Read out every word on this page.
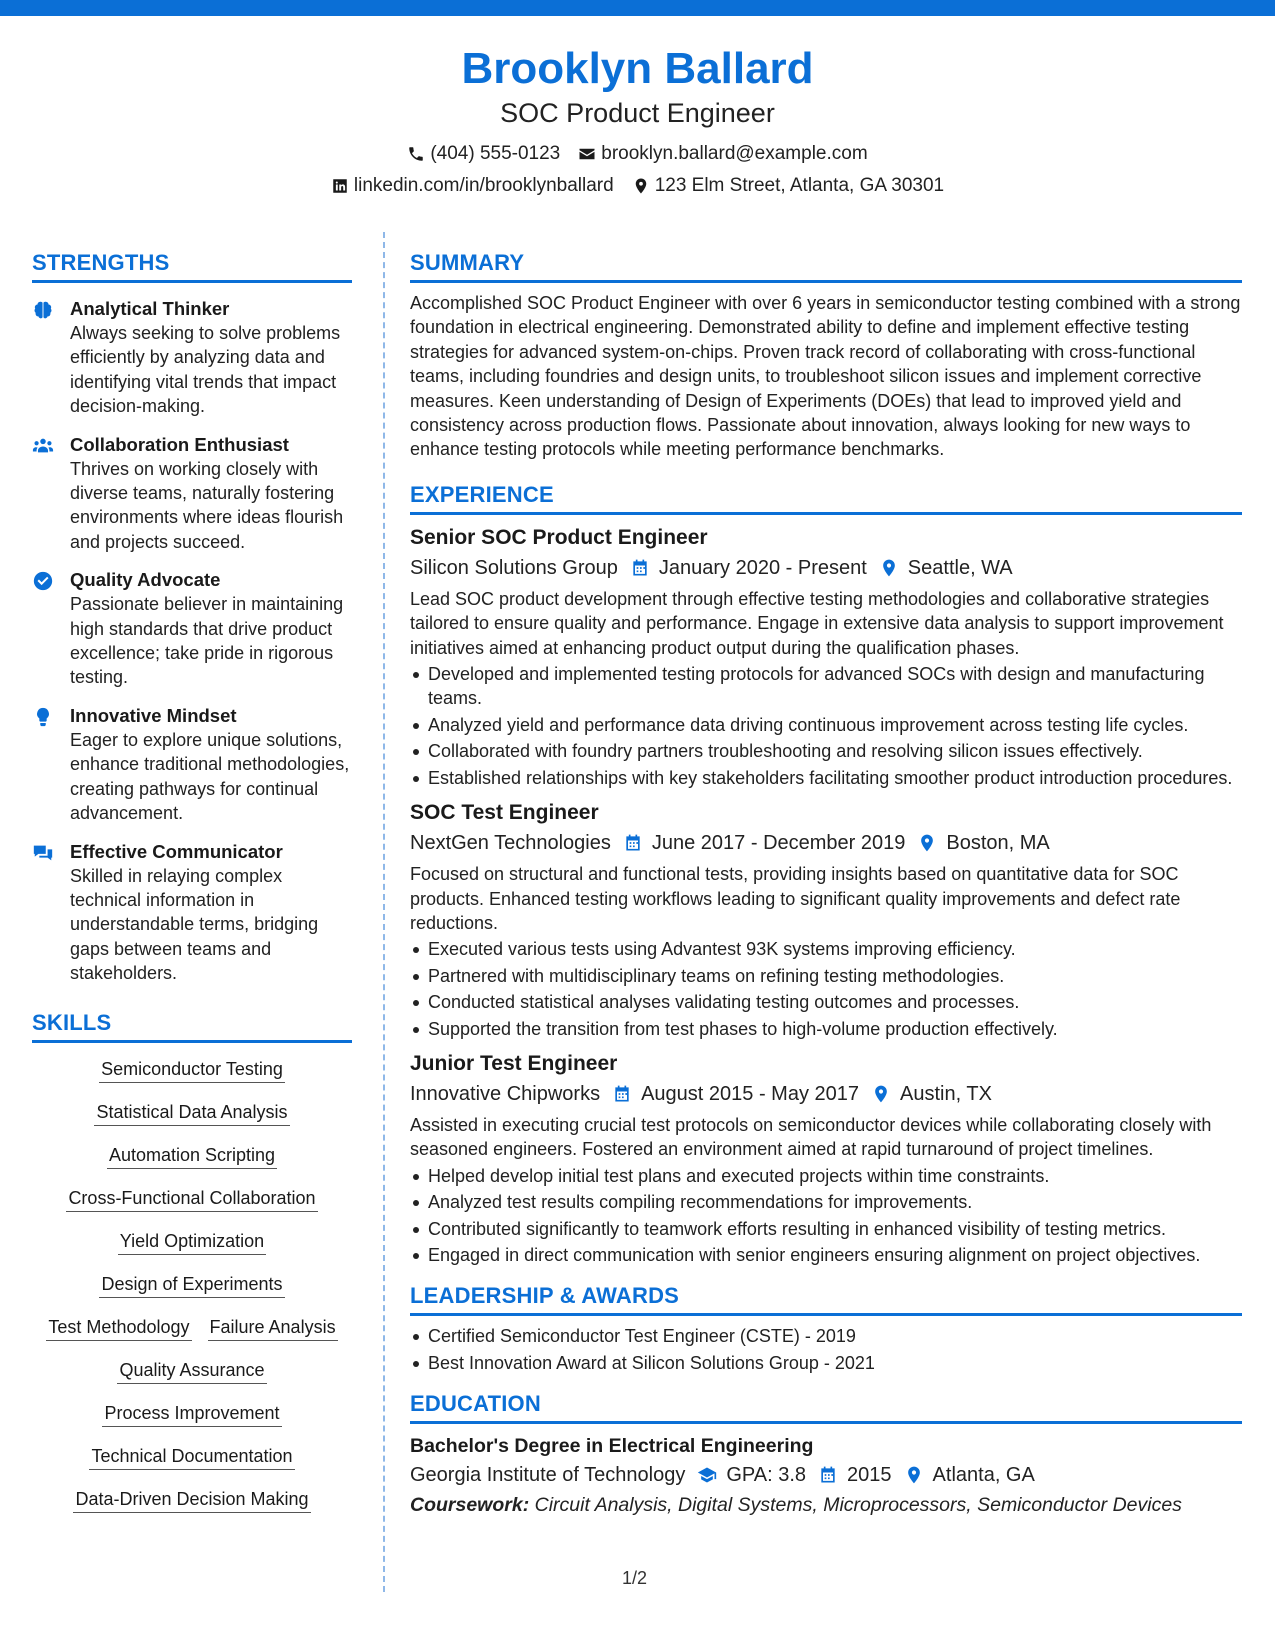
Brooklyn Ballard
SOC Product Engineer
(404) 555-0123 brooklyn.ballard@example.com
linkedin.com/in/brooklynballard 123 Elm Street, Atlanta, GA 30301
STRENGTHS
Analytical Thinker
Always seeking to solve problems efficiently by analyzing data and identifying vital trends that impact decision-making.
Collaboration Enthusiast
Thrives on working closely with diverse teams, naturally fostering environments where ideas flourish and projects succeed.
Quality Advocate
Passionate believer in maintaining high standards that drive product excellence; take pride in rigorous testing.
Innovative Mindset
Eager to explore unique solutions, enhance traditional methodologies, creating pathways for continual advancement.
Effective Communicator
Skilled in relaying complex technical information in understandable terms, bridging gaps between teams and stakeholders.
SKILLS
Semiconductor Testing
Statistical Data Analysis
Automation Scripting
Cross-Functional Collaboration
Yield Optimization
Design of Experiments
Test Methodology Failure Analysis
Quality Assurance
Process Improvement
Technical Documentation
Data-Driven Decision Making
SUMMARY
Accomplished SOC Product Engineer with over 6 years in semiconductor testing combined with a strong foundation in electrical engineering. Demonstrated ability to define and implement effective testing strategies for advanced system-on-chips. Proven track record of collaborating with cross-functional teams, including foundries and design units, to troubleshoot silicon issues and implement corrective measures. Keen understanding of Design of Experiments (DOEs) that lead to improved yield and consistency across production flows. Passionate about innovation, always looking for new ways to enhance testing protocols while meeting performance benchmarks.
EXPERIENCE
Senior SOC Product Engineer
Silicon Solutions Group January 2020 - Present Seattle, WA
Lead SOC product development through effective testing methodologies and collaborative strategies tailored to ensure quality and performance. Engage in extensive data analysis to support improvement initiatives aimed at enhancing product output during the qualification phases.
Developed and implemented testing protocols for advanced SOCs with design and manufacturing teams.
Analyzed yield and performance data driving continuous improvement across testing life cycles.
Collaborated with foundry partners troubleshooting and resolving silicon issues effectively.
Established relationships with key stakeholders facilitating smoother product introduction procedures.
SOC Test Engineer
NextGen Technologies June 2017 - December 2019 Boston, MA
Focused on structural and functional tests, providing insights based on quantitative data for SOC products. Enhanced testing workflows leading to significant quality improvements and defect rate reductions.
Executed various tests using Advantest 93K systems improving efficiency.
Partnered with multidisciplinary teams on refining testing methodologies.
Conducted statistical analyses validating testing outcomes and processes.
Supported the transition from test phases to high-volume production effectively.
Junior Test Engineer
Innovative Chipworks August 2015 - May 2017 Austin, TX
Assisted in executing crucial test protocols on semiconductor devices while collaborating closely with seasoned engineers. Fostered an environment aimed at rapid turnaround of project timelines.
Helped develop initial test plans and executed projects within time constraints.
Analyzed test results compiling recommendations for improvements.
Contributed significantly to teamwork efforts resulting in enhanced visibility of testing metrics.
Engaged in direct communication with senior engineers ensuring alignment on project objectives.
LEADERSHIP & AWARDS
Certified Semiconductor Test Engineer (CSTE) - 2019
Best Innovation Award at Silicon Solutions Group - 2021
EDUCATION
Bachelor's Degree in Electrical Engineering
Georgia Institute of Technology GPA: 3.8 2015 Atlanta, GA
Coursework: Circuit Analysis, Digital Systems, Microprocessors, Semiconductor Devices
1/2
